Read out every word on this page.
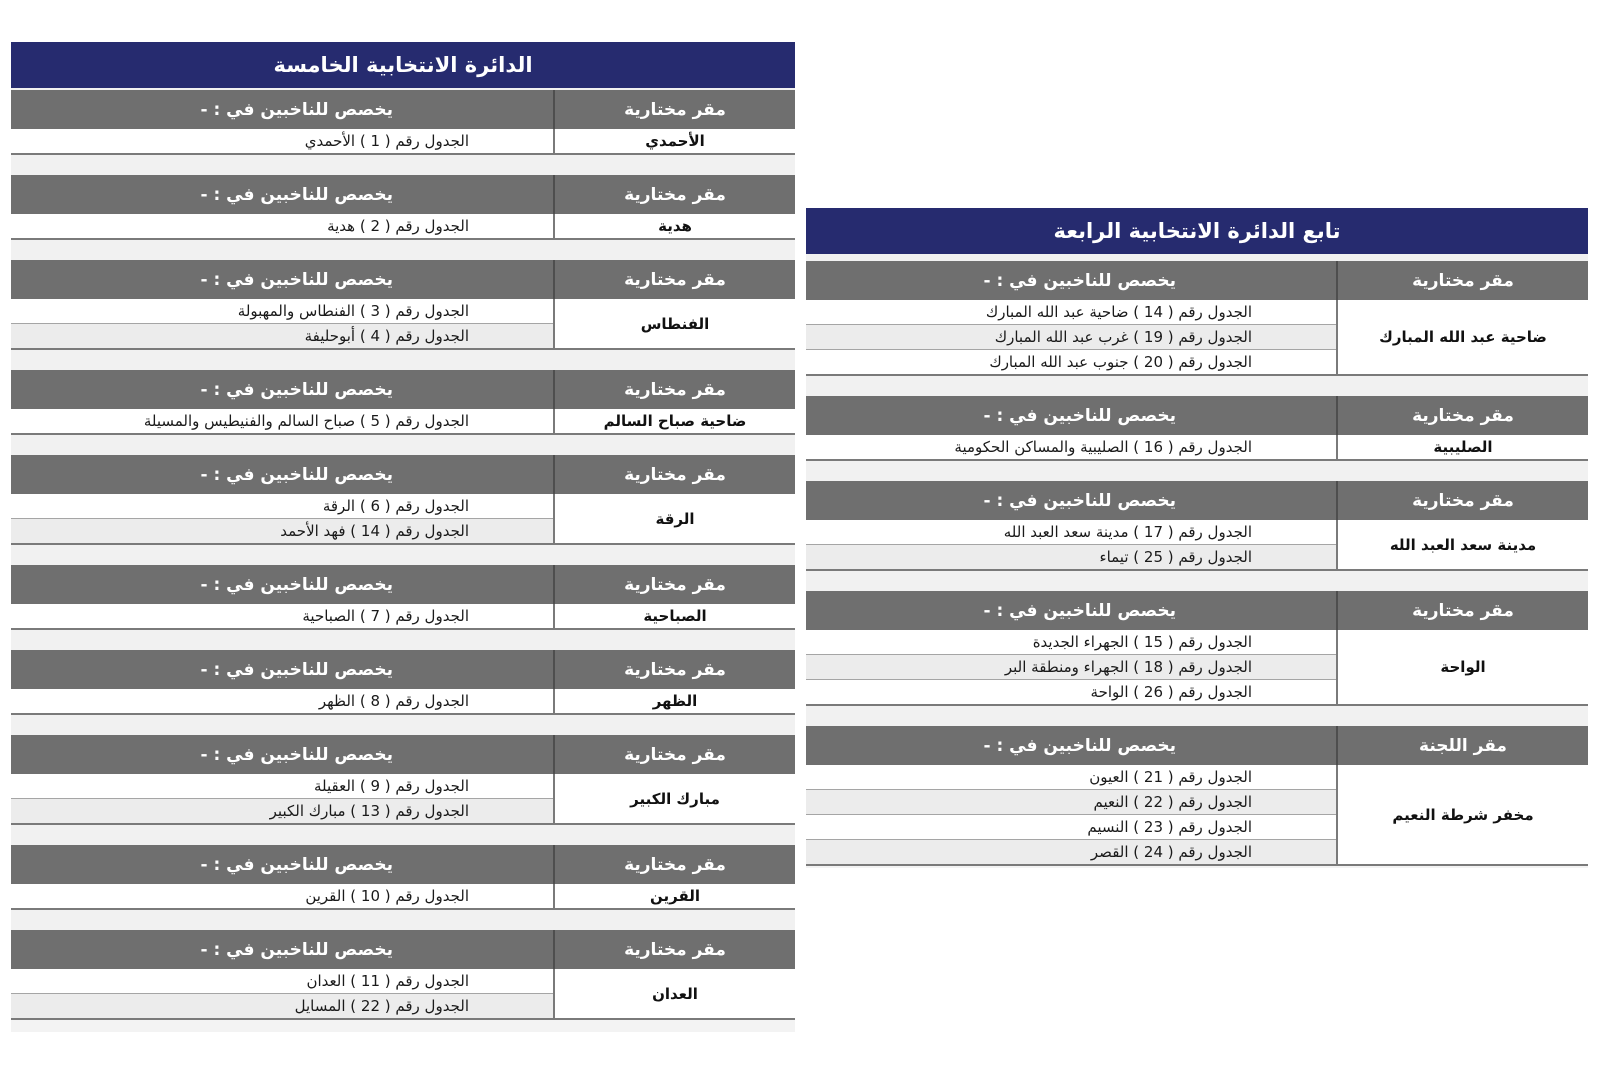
الدائرة الانتخابية الخامسة
مقر مختارية
يخصص للناخبين في : -
الأحمدي
الجدول رقم ( 1 ) الأحمدي
مقر مختارية
يخصص للناخبين في : -
هدية
الجدول رقم ( 2 ) هدية
مقر مختارية
يخصص للناخبين في : -
الفنطاس
الجدول رقم ( 3 ) الفنطاس والمهبولة
الجدول رقم ( 4 ) أبوحليفة
مقر مختارية
يخصص للناخبين في : -
ضاحية صباح السالم
الجدول رقم ( 5 ) صباح السالم والفنيطيس والمسيلة
مقر مختارية
يخصص للناخبين في : -
الرقة
الجدول رقم ( 6 ) الرقة
الجدول رقم ( 14 ) فهد الأحمد
مقر مختارية
يخصص للناخبين في : -
الصباحية
الجدول رقم ( 7 ) الصباحية
مقر مختارية
يخصص للناخبين في : -
الظهر
الجدول رقم ( 8 ) الظهر
مقر مختارية
يخصص للناخبين في : -
مبارك الكبير
الجدول رقم ( 9 ) العقيلة
الجدول رقم ( 13 ) مبارك الكبير
مقر مختارية
يخصص للناخبين في : -
القرين
الجدول رقم ( 10 ) القرين
مقر مختارية
يخصص للناخبين في : -
العدان
الجدول رقم ( 11 ) العدان
الجدول رقم ( 22 ) المسايل
تابع الدائرة الانتخابية الرابعة
مقر مختارية
يخصص للناخبين في : -
ضاحية عبد الله المبارك
الجدول رقم ( 14 ) ضاحية عبد الله المبارك
الجدول رقم ( 19 ) غرب عبد الله المبارك
الجدول رقم ( 20 ) جنوب عبد الله المبارك
مقر مختارية
يخصص للناخبين في : -
الصليبية
الجدول رقم ( 16 ) الصليبية والمساكن الحكومية
مقر مختارية
يخصص للناخبين في : -
مدينة سعد العبد الله
الجدول رقم ( 17 ) مدينة سعد العبد الله
الجدول رقم ( 25 ) تيماء
مقر مختارية
يخصص للناخبين في : -
الواحة
الجدول رقم ( 15 ) الجهراء الجديدة
الجدول رقم ( 18 ) الجهراء ومنطقة البر
الجدول رقم ( 26 ) الواحة
مقر اللجنة
يخصص للناخبين في : -
مخفر شرطة النعيم
الجدول رقم ( 21 ) العيون
الجدول رقم ( 22 ) النعيم
الجدول رقم ( 23 ) النسيم
الجدول رقم ( 24 ) القصر
